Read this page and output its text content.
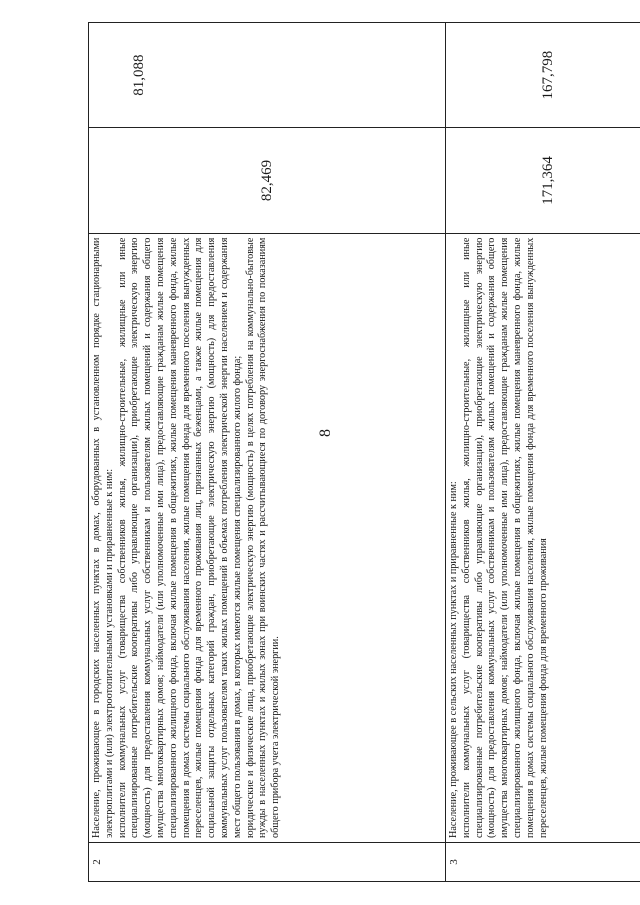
8
2	Население, проживающее в городских населенных пунктах в домах, оборудованных в установленном порядке стационарными электроплитами и (или) электроотопительными установками и приравненные к ним: исполнители коммунальных услуг (товарищества собственников жилья, жилищно-строительные, жилищные или иные специализированные потребительские кооперативы либо управляющие организации), приобретающие электрическую энергию (мощность) для предоставления коммунальных услуг собственникам и пользователям жилых помещений и содержания общего имущества многоквартирных домов; наймодатели (или уполномоченные ими лица), предоставляющие гражданам жилые помещения специализированного жилищного фонда, включая жилые помещения в общежитиях, жилые помещения маневренного фонда, жилые помещения в домах системы социального обслуживания населения, жилые помещения фонда для временного поселения вынужденных переселенцев, жилые помещения фонда для временного проживания лиц, признанных беженцами, а также жилые помещения для социальной защиты отдельных категорий граждан, приобретающие электрическую энергию (мощность) для предоставления коммунальных услуг пользователям таких жилых помещений в объемах потребления электрической энергии населением и содержания мест общего пользования в домах, в которых имеются жилые помещения специализированного жилого фонда; юридические и физические лица, приобретающие электрическую энергию (мощность) в целях потребления на коммунально-бытовые нужды в населенных пунктах и жилых зонах при воинских частях и рассчитывающиеся по договору энергоснабжения по показаниям общего прибора учета электрической энергии.	82,469	81,088
3	Население, проживающее в сельских населенных пунктах и приравненные к ним: исполнители коммунальных услуг (товарищества собственников жилья, жилищно-строительные, жилищные или иные специализированные потребительские кооперативы либо управляющие организации), приобретающие электрическую энергию (мощность) для предоставления коммунальных услуг собственникам и пользователям жилых помещений и содержания общего имущества многоквартирных домов; наймодатели (или уполномоченные ими лица), предоставляющие гражданам жилые помещения специализированного жилищного фонда, включая жилые помещения в общежитиях, жилые помещения маневренного фонда, жилые помещения в домах системы социального обслуживания населения, жилые помещения фонда для временного поселения вынужденных переселенцев, жилые помещения фонда для временного проживания	171,364	167,798
